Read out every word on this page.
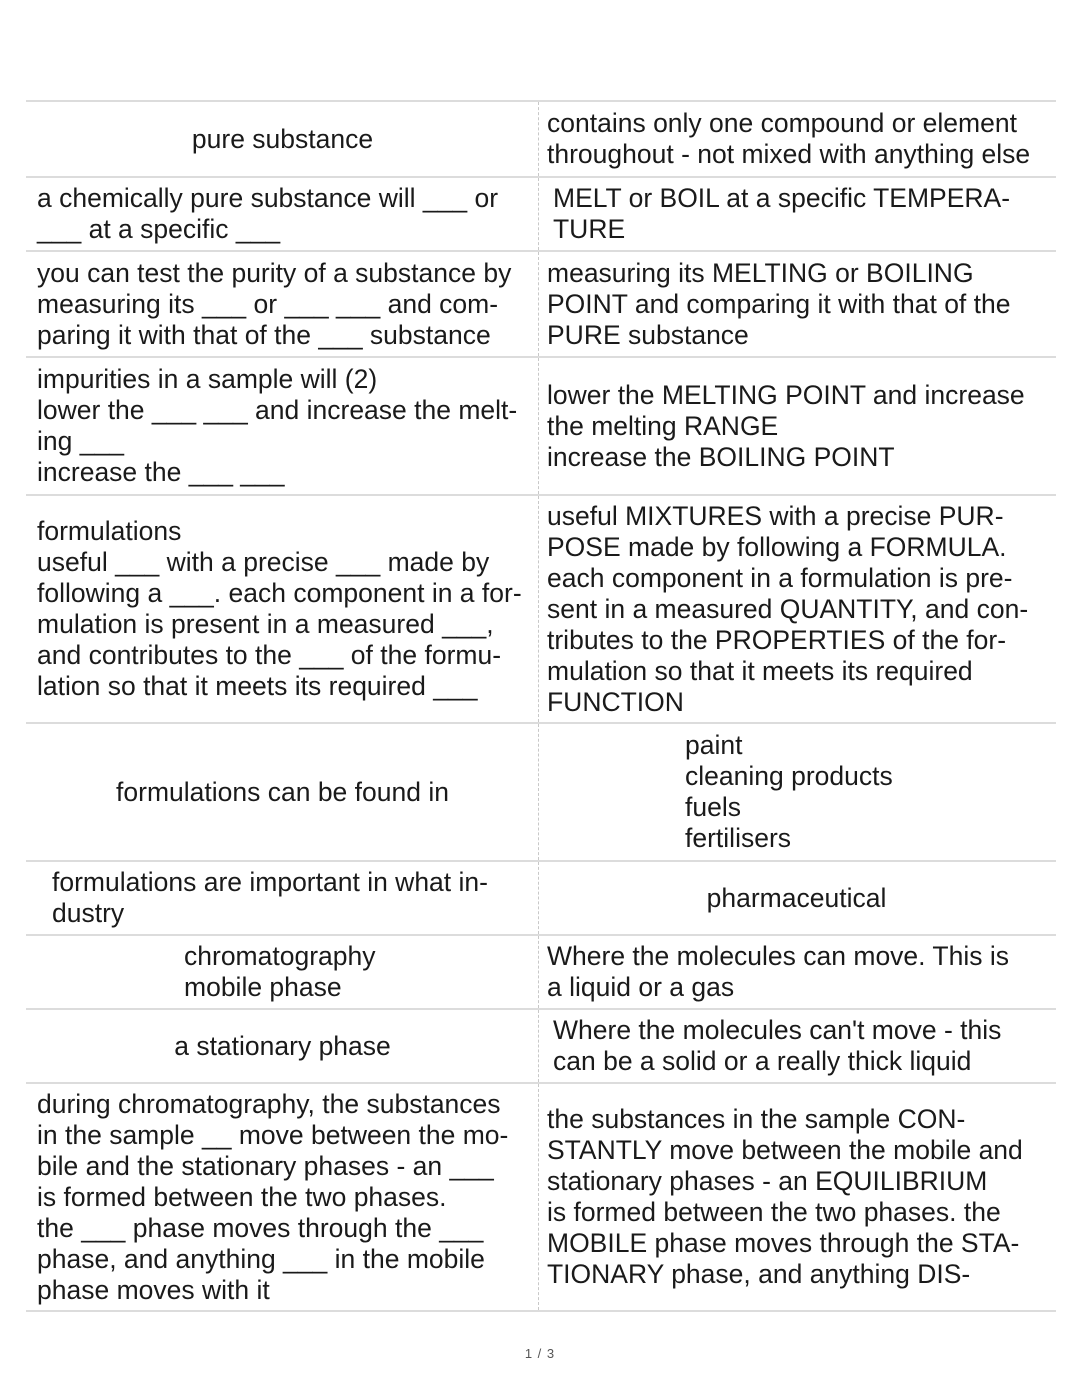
pure substance
contains only one compound or element
throughout - not mixed with anything else
a chemically pure substance will ___ or
___ at a specific ___
MELT or BOIL at a specific TEMPERA-
TURE
you can test the purity of a substance by
measuring its ___ or ___ ___ and com-
paring it with that of the ___ substance
measuring its MELTING or BOILING
POINT and comparing it with that of the
PURE substance
impurities in a sample will (2)
lower the ___ ___ and increase the melt-
ing ___
increase the ___ ___
lower the MELTING POINT and increase
the melting RANGE
increase the BOILING POINT
formulations
useful ___ with a precise ___ made by
following a ___. each component in a for-
mulation is present in a measured ___,
and contributes to the ___ of the formu-
lation so that it meets its required ___
useful MIXTURES with a precise PUR-
POSE made by following a FORMULA.
each component in a formulation is pre-
sent in a measured QUANTITY, and con-
tributes to the PROPERTIES of the for-
mulation so that it meets its required
FUNCTION
formulations can be found in
paint
cleaning products
fuels
fertilisers
formulations are important in what in-
dustry
pharmaceutical
chromatography
mobile phase
Where the molecules can move. This is
a liquid or a gas
a stationary phase
Where the molecules can't move - this
can be a solid or a really thick liquid
during chromatography, the substances
in the sample __ move between the mo-
bile and the stationary phases - an ___
is formed between the two phases.
the ___ phase moves through the ___
phase, and anything ___ in the mobile
phase moves with it
the substances in the sample CON-
STANTLY move between the mobile and
stationary phases - an EQUILIBRIUM
is formed between the two phases. the
MOBILE phase moves through the STA-
TIONARY phase, and anything DIS-
1 / 3
